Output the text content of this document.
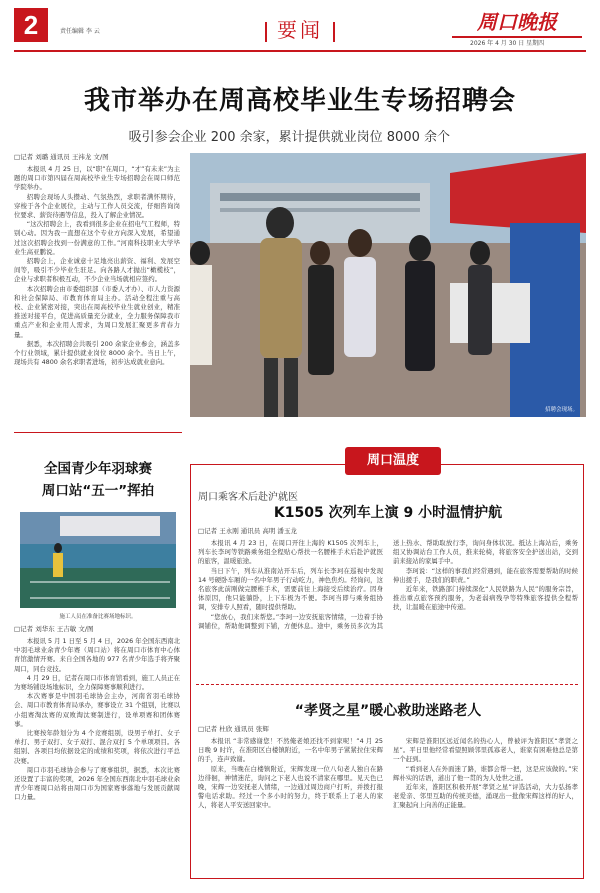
2	责任编辑 李 云	要闻	周口晚报
2026 年 4 月 30 日 星期四
我市举办在周高校毕业生专场招聘会
吸引参会企业 200 余家，累计提供就业岗位 8000 余个
□记者 刘璐 通讯员 王祎龙 文/图

本报讯 4 月 25 日，以“职”在周口，“才”有未来”为主题的周口市第四届在周高校毕业生专场招聘会在周口师范学院举办。

招聘会现场人头攒动、气氛热烈，求职者满怀期待，穿梭于各个企业展位，主动与工作人员交流，仔细咨询岗位要求、薪资待遇等信息，投入了解企业情况。

“这次招聘会上，我看到很多企业在招电气工程师，特别心动。因为我一直想在这个专业方向深入发展，希望通过这次招聘会找到一份满意的工作。”河南科技职业大学毕业生高亚鹏说。

招聘会上，企业诚意十足地亮出薪资、福利、发展空间等，吸引不少毕业生驻足。向各路人才抛出“橄榄枝”，企业与求职者积极互动，不少企业当场就相应签约。

本次招聘会由市委组织部（市委人才办）、市人力资源和社会保障局、市教育体育局主办。活动全程注重与高校、企业紧密对接，突出在周高校毕业生就业创业，精准推送对接平台，促进高质量充分就业，全力服务保障我市重点产业和企业用人需求，为周口发展汇聚更多青春力量。

据悉，本次招聘会共吸引 200 余家企业参会，涵盖多个行业领域，累计提供就业岗位 8000 余个。当日上午，现场共有 4800 余名求职者进场，初步达成就业意向。

招聘会现场。
全国青少年羽球赛
周口站“五一”挥拍
施工人员在准备比赛场地标识。
□记者 刘华东 王吉敏 文/图

本报讯 5 月 1 日至 5 月 4 日，2026 年全国东西南北中羽毛球业余青少年赛（周口站）将在周口市体育中心体育馆激情开赛。来自全国各地的 977 名青少年选手将齐聚周口，同台竞技。

4 月 29 日，记者在周口市体育馆看到，施工人员正在为赛场铺设场地标识，全力保障赛事顺利进行。

本次赛事是中国羽毛球协会主办，河南省羽毛球协会、周口市教育体育局承办，赛事设立 31 个组别，比赛以小组赛淘汰赛的双败淘汰赛制进行，设单项赛和团体赛事。

比赛按年龄划分为 4 个竞赛组别，设男子单打、女子单打、男子双打、女子双打、混合双打 5 个单项项目。各组别、各项目均依据设定的成绩和奖项，将依次进行平总决赛。

周口市羽毛球协会参与了赛事组织，据悉，本次比赛还设置了丰富的奖项，2026 年全国东西南北中羽毛球业余青少年赛周口站将由周口市为国家赛事落地与发展贡献周口力量。

周口温度
周口乘客术后赴沪就医
K1505 次列车上演 9 小时温情护航
□记者 王永刚 通讯员 高明 潘玉龙

本报讯 4 月 23 日，在周口开往上海的 K1505 次列车上，列车长李珂等铁路乘务组全程贴心帮扶一名腰椎手术后赴沪就医的旅客，温暖旅途。

当日下午，列车从淮南站开车后，列车长李珂在巡视中发现 14 号硬卧车厢的一名中年男子行动吃力，神色焦灼。经询问，这名旅客此前刚做完腰椎手术，需要前往上海接受后续治疗。因身体原因，他只能躺卧，上下车极为不便。李珂当即与乘务组协调，安排专人照看，随时提供帮助。

“您放心，我们来帮您。”李珂一边安抚旅客情绪，一边着手协调铺位，帮助他调整到下铺，方便休息。途中，乘务员多次为其送上热水、帮助取放行李，询问身体状况。抵达上海站后，乘务组又协调站台工作人员，推来轮椅，将旅客安全护送出站，交到前来接站的家属手中。

李珂说：“这样的事我们经常遇到，能在旅客需要帮助的时候伸出援手，是我们的职责。”

近年来，铁路部门持续深化“人民铁路为人民”的服务宗旨，推出重点旅客预约服务，为老弱病残孕等特殊旅客提供全程帮扶，让温暖在旅途中传递。

“孝贤之星”暖心救助迷路老人
□记者 杜欣 通讯员 张辉

本报讯 “非常感谢您！不然俺老娘还找不到家呢！”4 月 25 日晚 9 时许，在淮阳区白楼镇附近，一名中年男子紧紧拉住宋辉的手，连声致谢。

原来，当晚在白楼镇附近，宋辉发现一位八旬老人独自在路边徘徊，神情迷茫，询问之下老人也说不清家在哪里。见天色已晚，宋辉一边安抚老人情绪，一边通过周边商户打听，并拨打报警电话求助。经过一个多小时的努力，终于联系上了老人的家人，将老人平安送回家中。

宋辉是淮阳区远近闻名的热心人，曾被评为淮阳区“孝贤之星”。平日里他经常看望照顾邻里孤寡老人，谁家有困难他总是第一个赶到。

“看到老人在外面迷了路，谁都会帮一把，这是应该做的。”宋辉朴实的话语，道出了他一贯的为人处世之道。

近年来，淮阳区积极开展“孝贤之星”评选活动，大力弘扬孝老爱亲、邻里互助的传统美德，涌现出一批像宋辉这样的好人，汇聚起向上向善的正能量。
